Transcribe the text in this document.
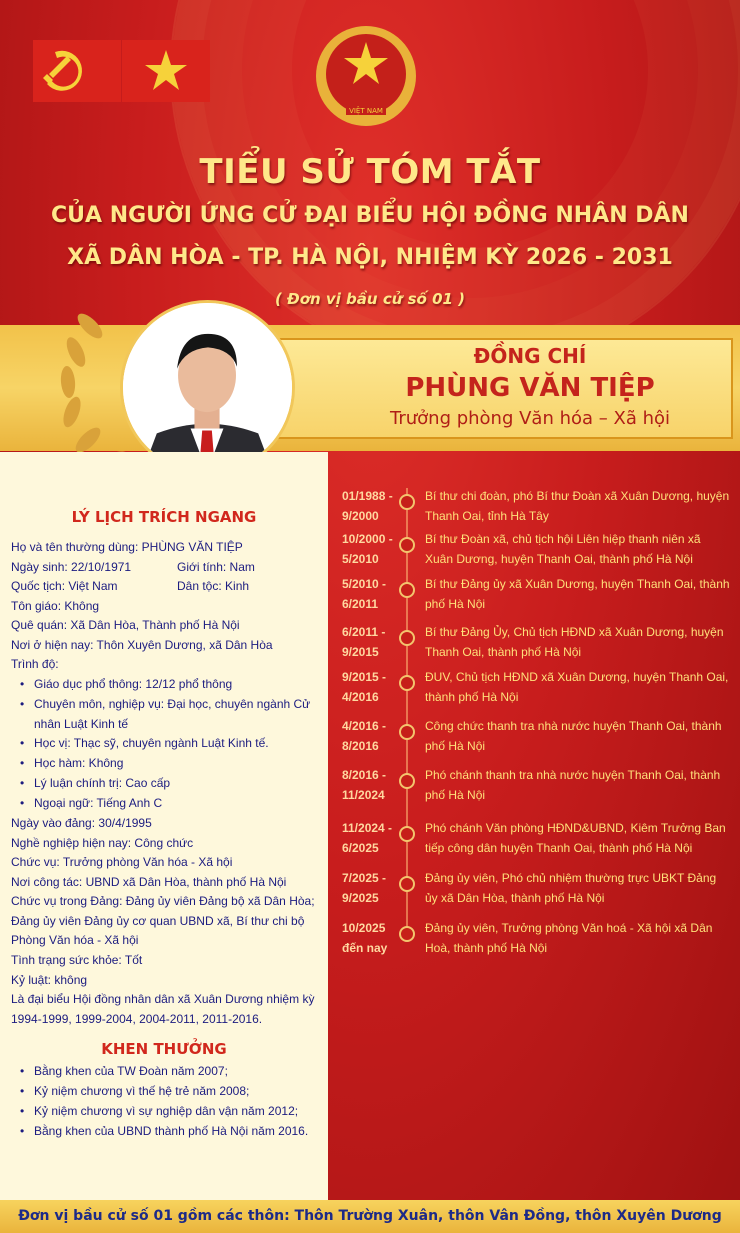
VIỆT NAM
TIỂU SỬ TÓM TẮT
CỦA NGƯỜI ỨNG CỬ ĐẠI BIỂU HỘI ĐỒNG NHÂN DÂN
XÃ DÂN HÒA - TP. HÀ NỘI, NHIỆM KỲ 2026 - 2031
( Đơn vị bầu cử số 01 )
ĐỒNG CHÍ
PHÙNG VĂN TIỆP
Trưởng phòng Văn hóa – Xã hội
LÝ LỊCH TRÍCH NGANG
Họ và tên thường dùng: PHÙNG VĂN TIỆP
Ngày sinh: 22/10/1971	Giới tính: Nam
Quốc tịch: Việt Nam	Dân tộc: Kinh
Tôn giáo: Không
Quê quán: Xã Dân Hòa, Thành phố Hà Nội
Nơi ở hiện nay: Thôn Xuyên Dương, xã Dân Hòa
Trình độ:
• Giáo dục phổ thông: 12/12 phổ thông
• Chuyên môn, nghiệp vụ: Đại học, chuyên ngành Cử nhân Luật Kinh tế
• Học vị: Thạc sỹ, chuyên ngành Luật Kinh tế.
• Học hàm: Không
• Lý luận chính trị: Cao cấp
• Ngoại ngữ: Tiếng Anh C
Ngày vào đảng: 30/4/1995
Nghề nghiệp hiện nay: Công chức
Chức vụ: Trưởng phòng Văn hóa - Xã hội
Nơi công tác: UBND xã Dân Hòa, thành phố Hà Nội
Chức vụ trong Đảng: Đảng ủy viên Đảng bộ xã Dân Hòa; Đảng ủy viên Đảng ủy cơ quan UBND xã, Bí thư chi bộ Phòng Văn hóa - Xã hội
Tình trạng sức khỏe: Tốt
Kỷ luật: không
Là đại biểu Hội đồng nhân dân xã Xuân Dương nhiệm kỳ 1994-1999, 1999-2004, 2004-2011, 2011-2016.
KHEN THƯỞNG
• Bằng khen của TW Đoàn năm 2007;
• Kỷ niệm chương vì thế hệ trẻ năm 2008;
• Kỷ niệm chương vì sự nghiệp dân vận năm 2012;
• Bằng khen của UBND thành phố Hà Nội năm 2016.
01/1988 -
9/2000
Bí thư chi đoàn, phó Bí thư Đoàn xã Xuân Dương, huyện Thanh Oai, tỉnh Hà Tây
10/2000 -
5/2010
Bí thư Đoàn xã, chủ tịch hội Liên hiệp thanh niên xã Xuân Dương, huyện Thanh Oai, thành phố Hà Nội
5/2010 -
6/2011
Bí thư Đảng ủy xã Xuân Dương, huyện Thanh Oai, thành phố Hà Nội
6/2011 -
9/2015
Bí thư Đảng Ủy, Chủ tịch HĐND xã Xuân Dương, huyện Thanh Oai, thành phố Hà Nội
9/2015 -
4/2016
ĐUV, Chủ tịch HĐND xã Xuân Dương, huyện Thanh Oai, thành phố Hà Nội
4/2016 -
8/2016
Công chức thanh tra nhà nước huyện Thanh Oai, thành phố Hà Nội
8/2016 -
11/2024
Phó chánh thanh tra nhà nước huyện Thanh Oai, thành phố Hà Nội
11/2024 -
6/2025
Phó chánh Văn phòng HĐND&UBND, Kiêm Trưởng Ban tiếp công dân huyện Thanh Oai, thành phố Hà Nội
7/2025 -
9/2025
Đảng ủy viên, Phó chủ nhiệm thường trực UBKT Đảng ủy xã Dân Hòa, thành phố Hà Nội
10/2025
đến nay
Đảng ủy viên, Trưởng phòng Văn hoá - Xã hội xã Dân Hoà, thành phố Hà Nội
Đơn vị bầu cử số 01 gồm các thôn: Thôn Trường Xuân, thôn Vân Đồng, thôn Xuyên Dương
